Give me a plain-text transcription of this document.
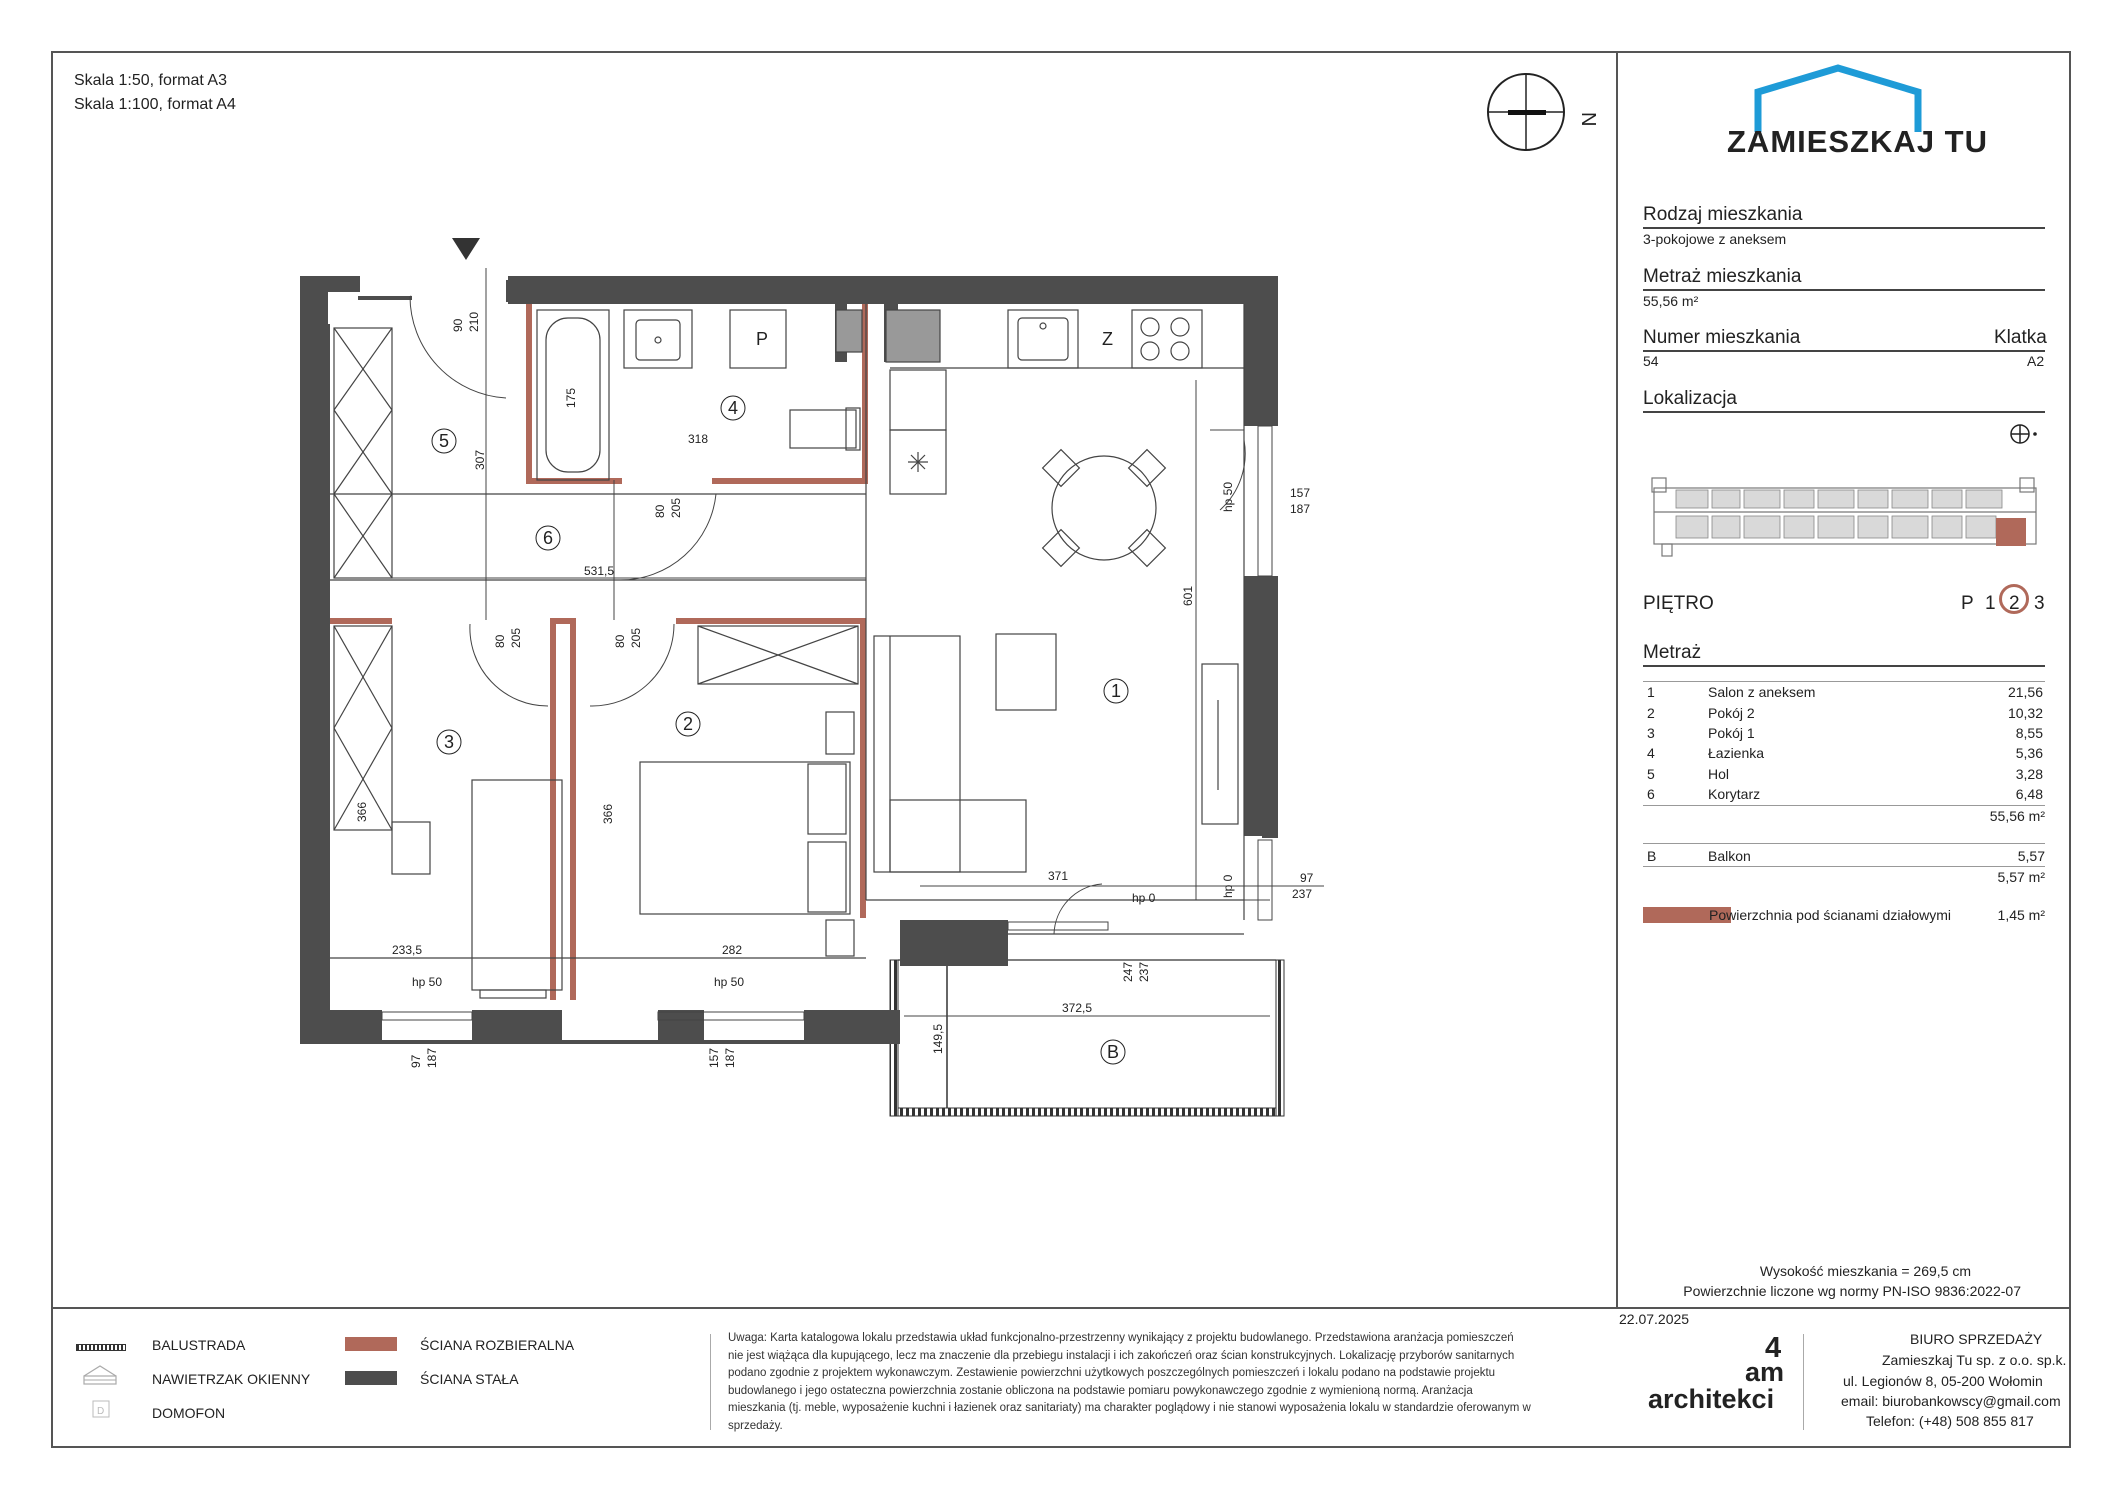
Skala 1:50, format A3
Skala 1:100, format A4
N
ZAMIESZKAJ TU
Rodzaj mieszkania
3-pokojowe z aneksem
Metraż mieszkania
55,56 m²
Numer mieszkania	Klatka
54	A2
Lokalizacja
PIĘTRO	P 1 2 3
Metraż
1	Salon z aneksem	21,56
2	Pokój 2	10,32
3	Pokój 1	8,55
4	Łazienka	5,36
5	Hol	3,28
6	Korytarz	6,48
55,56 m²
B	Balkon	5,57
5,57 m²
Powierzchnia pod ścianami działowymi	1,45 m²
Wysokość mieszkania = 269,5 cm
Powierzchnie liczone wg normy PN-ISO 9836:2022-07
1
2
3
4
5
6
B
P	Z
90 210
175
318
307
80 205
531,5
601
157
187
hp 50
80 205	80 205
366	366
371	97
237
hp 0	hp 0
233,5	282
hp 50	hp 50	247 237
372,5
149,5
97 187	157 187
BALUSTRADA
NAWIETRZAK OKIENNY
D	DOMOFON
ŚCIANA ROZBIERALNA
ŚCIANA STAŁA
Uwaga: Karta katalogowa lokalu przedstawia układ funkcjonalno-przestrzenny wynikający z projektu budowlanego. Przedstawiona aranżacja pomieszczeń
nie jest wiążąca dla kupującego, lecz ma znaczenie dla przebiegu instalacji i ich zakończeń oraz ścian konstrukcyjnych. Lokalizację przyborów sanitarnych
podano zgodnie z projektem wykonawczym. Zestawienie powierzchni użytkowych poszczególnych pomieszczeń i lokalu podano na podstawie projektu
budowlanego i jego ostateczna powierzchnia zostanie obliczona na podstawie pomiaru powykonawczego zgodnie z wymienioną normą. Aranżacja
mieszkania (tj. meble, wyposażenie kuchni i łazienek oraz sanitariaty) ma charakter poglądowy i nie stanowi wyposażenia lokalu w standardzie oferowanym w
sprzedaży.
22.07.2025
4
am
architekci
BIURO SPRZEDAŻY
Zamieszkaj Tu sp. z o.o. sp.k.
ul. Legionów 8, 05-200 Wołomin
email: biurobankowscy@gmail.com
Telefon: (+48) 508 855 817
